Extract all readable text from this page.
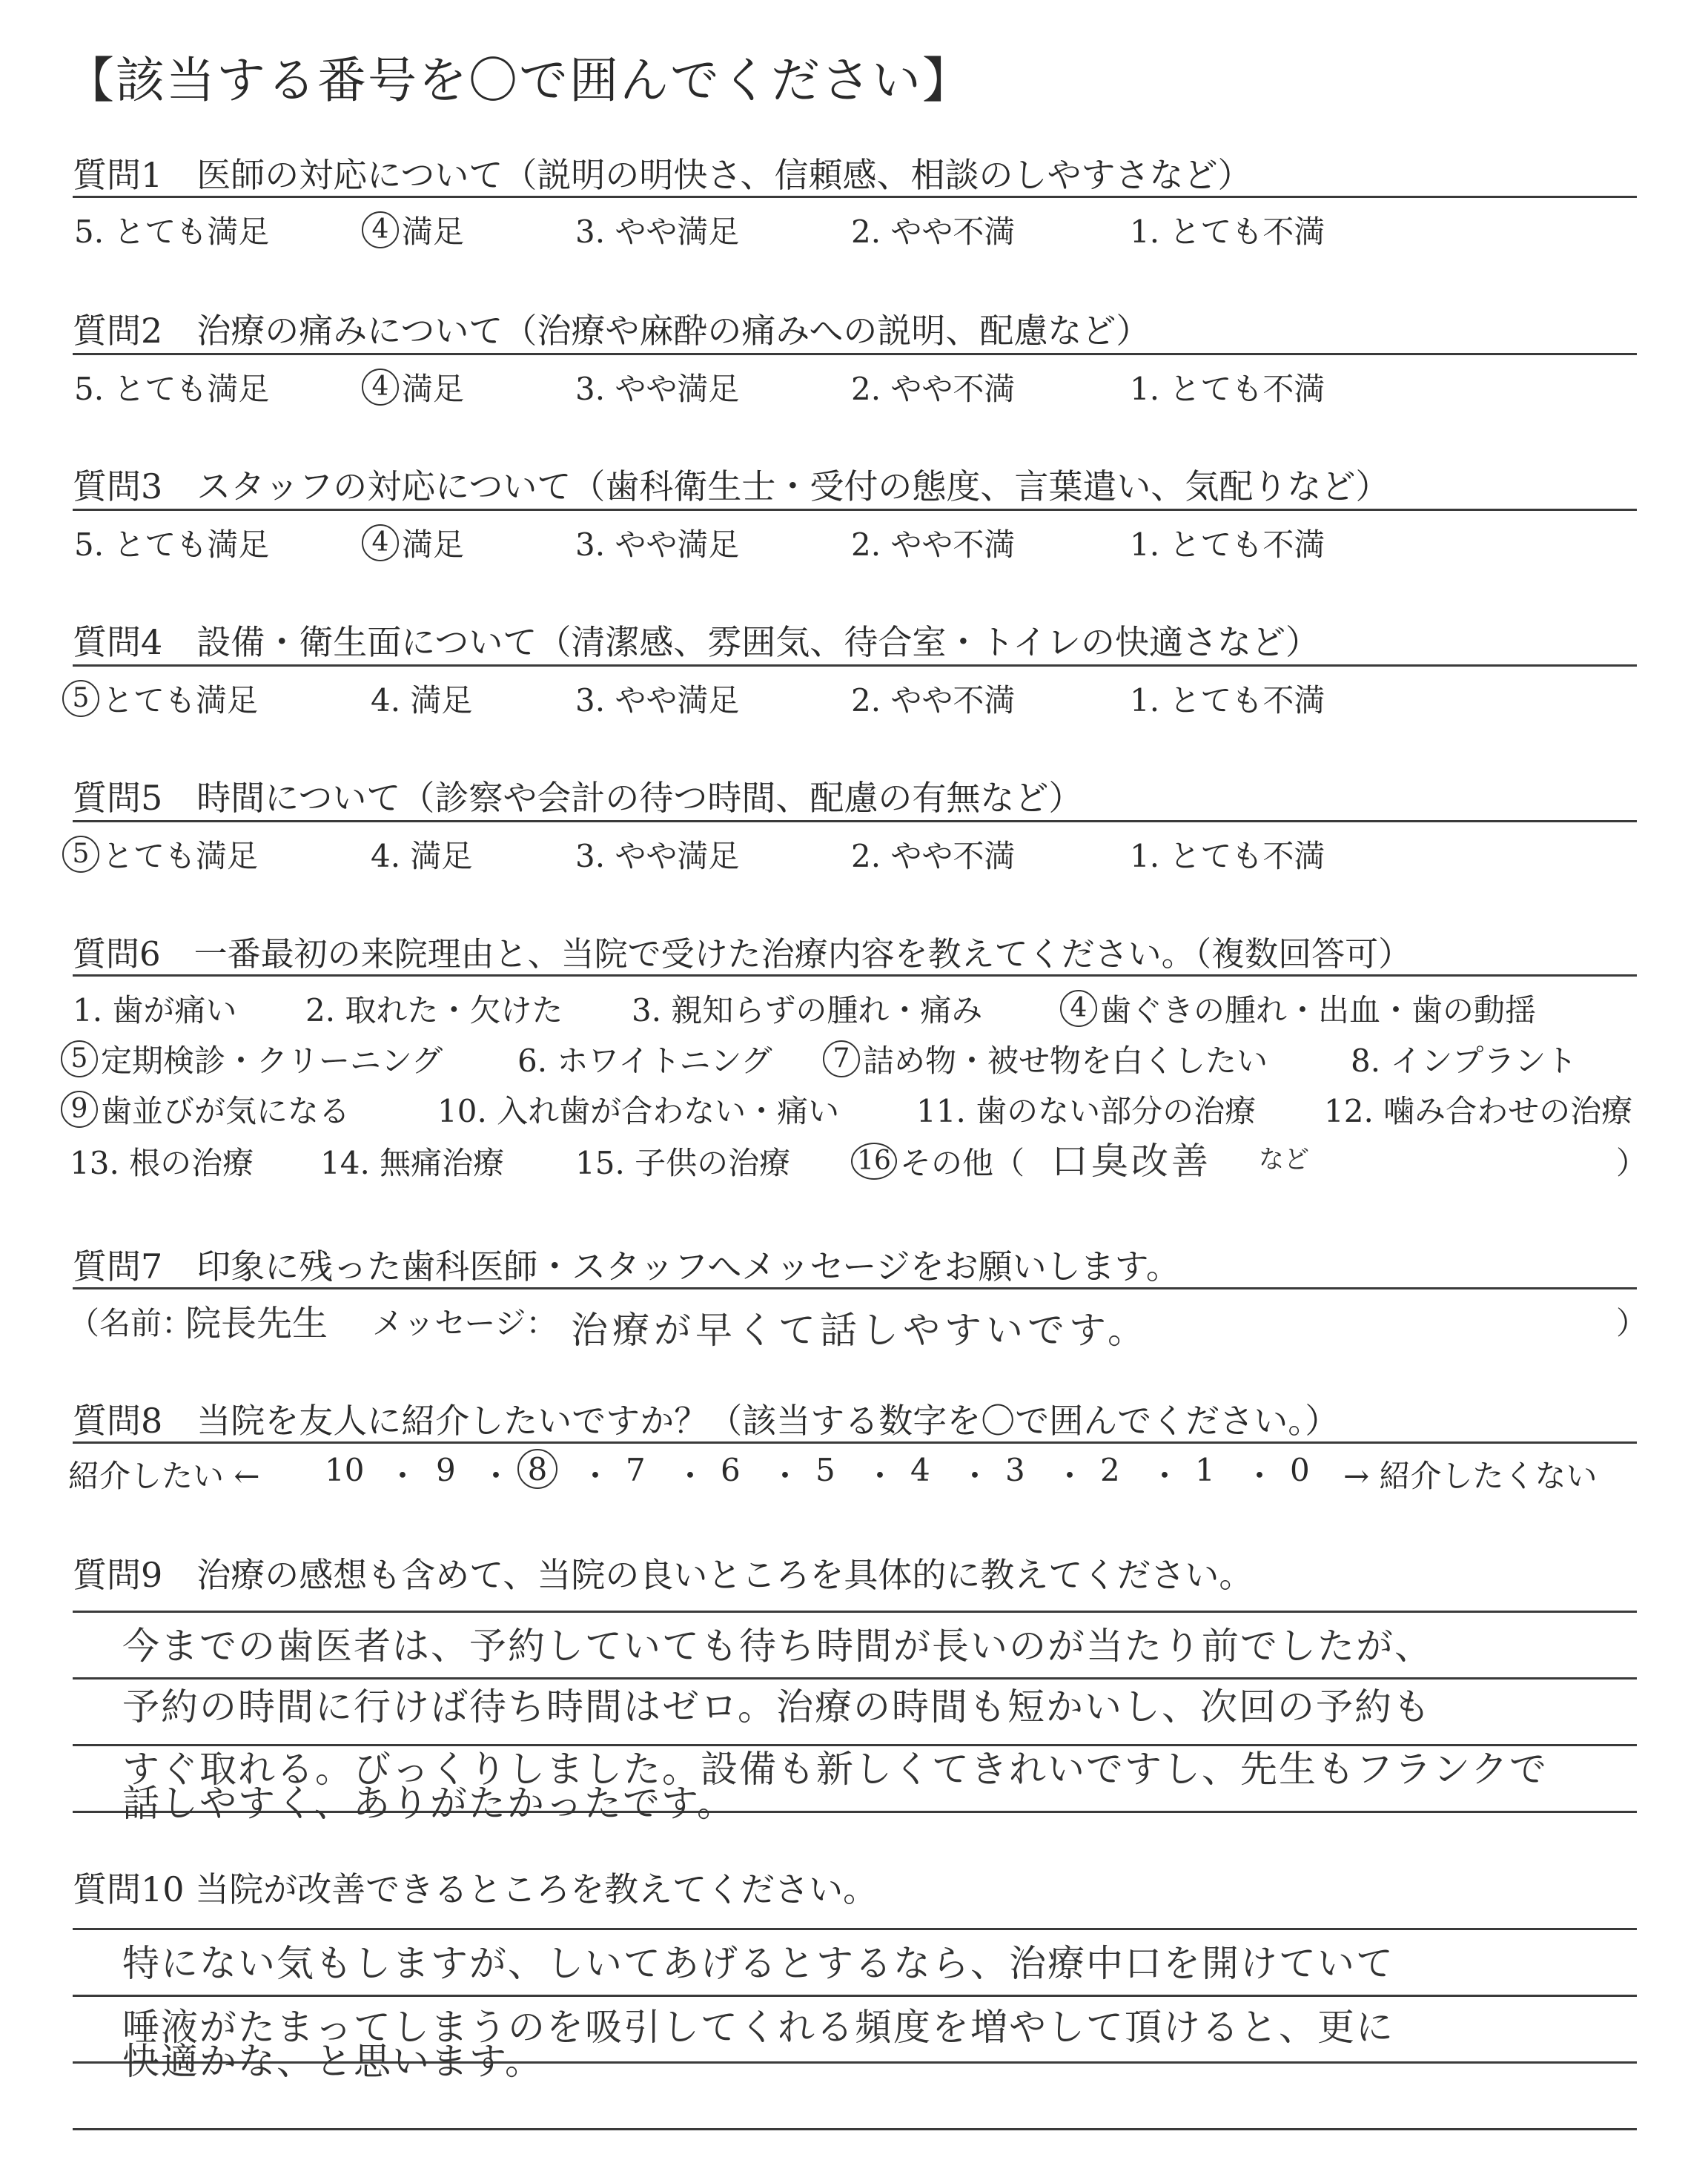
【該当する番号を〇で囲んでください】
質問1　医師の対応について（説明の明快さ、信頼感、相談のしやすさなど）
5. とても満足	4 満足	3. やや満足	2. やや不満	1. とても不満
質問2　治療の痛みについて（治療や麻酔の痛みへの説明、配慮など）
5. とても満足	4 満足	3. やや満足	2. やや不満	1. とても不満
質問3　スタッフの対応について（歯科衛生士・受付の態度、言葉遣い、気配りなど）
5. とても満足	4 満足	3. やや満足	2. やや不満	1. とても不満
質問4　設備・衛生面について（清潔感、雰囲気、待合室・トイレの快適さなど）
5 とても満足	4. 満足	3. やや満足	2. やや不満	1. とても不満
質問5　時間について（診察や会計の待つ時間、配慮の有無など）
5 とても満足	4. 満足	3. やや満足	2. やや不満	1. とても不満
質問6　一番最初の来院理由と、当院で受けた治療内容を教えてください。（複数回答可）
1. 歯が痛い 2. 取れた・欠けた 3. 親知らずの腫れ・痛み	4 歯ぐきの腫れ・出血・歯の動揺
5 定期検診・クリーニング 6. ホワイトニング	7 詰め物・被せ物を白くしたい	8. インプラント
9 歯並びが気になる	10. 入れ歯が合わない・痛い 11. 歯のない部分の治療 12. 噛み合わせの治療
13. 根の治療 14. 無痛治療 15. 子供の治療 16 その他（ 口臭改善 など	）
質問7　印象に残った歯科医師・スタッフへメッセージをお願いします。
（名前：
院長先生 メッセージ： 治療が早くて話しやすいです。	）
質問8　当院を友人に紹介したいですか？（該当する数字を〇で囲んでください。）
紹介したい ← 10 ・ 9 ・ 8	・ 7 ・ 6 ・ 5 ・ 4 ・ 3 ・ 2 ・ 1 ・ 0 → 紹介したくない
質問9　治療の感想も含めて、当院の良いところを具体的に教えてください。
今までの歯医者は、予約していても待ち時間が長いのが当たり前でしたが、
予約の時間に行けば待ち時間はゼロ。治療の時間も短かいし、次回の予約も
すぐ取れる。びっくりしました。設備も新しくてきれいですし、先生もフランクで
話しやすく、ありがたかったです。
質問10 当院が改善できるところを教えてください。
特にない気もしますが、しいてあげるとするなら、治療中口を開けていて
唾液がたまってしまうのを吸引してくれる頻度を増やして頂けると、更に
快適かな、と思います。
